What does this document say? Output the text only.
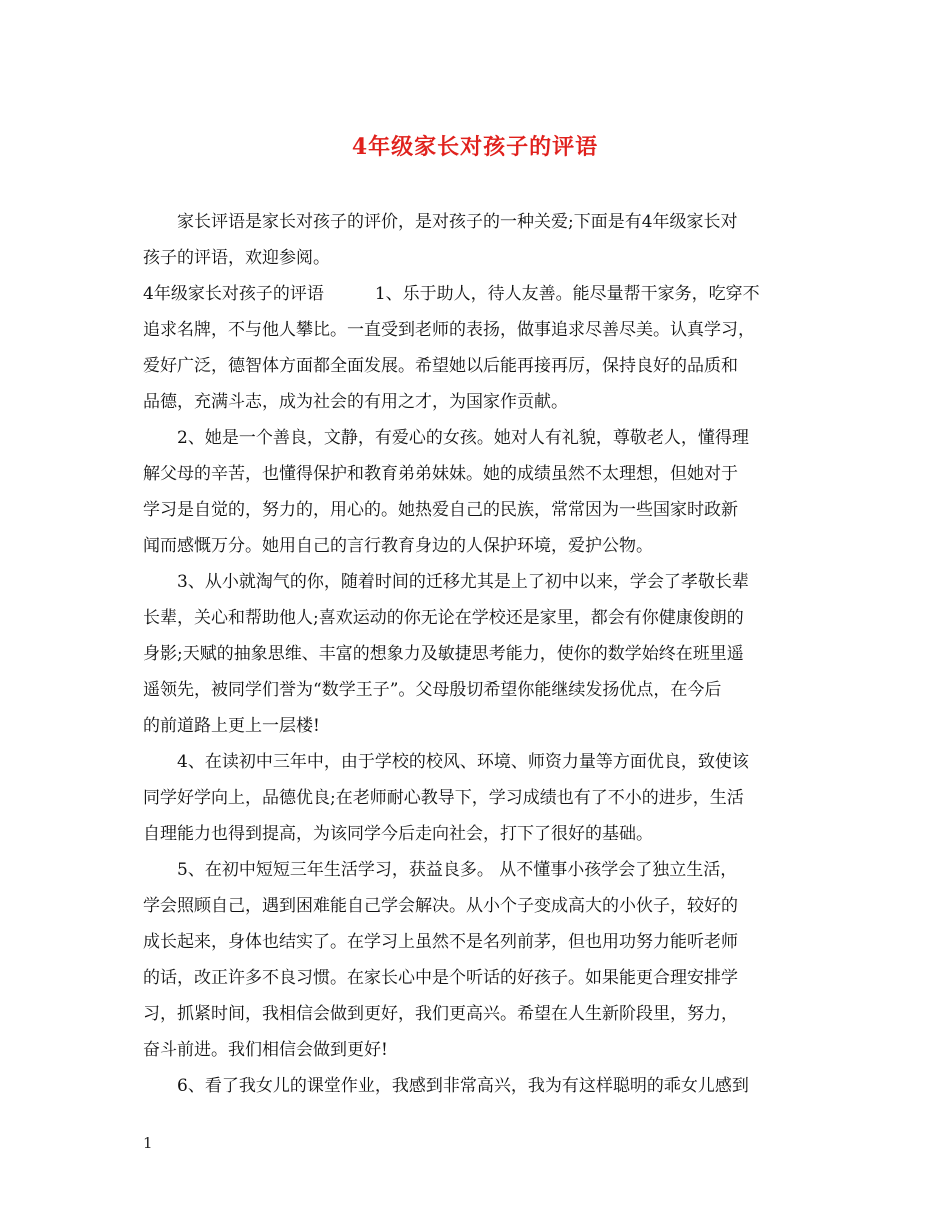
4年级家长对孩子的评语
　　家长评语是家长对孩子的评价，是对孩子的一种关爱;下面是有4年级家长对
孩子的评语，欢迎参阅。
4年级家长对孩子的评语　　　1、乐于助人，待人友善。能尽量帮干家务，吃穿不
追求名牌，不与他人攀比。一直受到老师的表扬，做事追求尽善尽美。认真学习，
爱好广泛，德智体方面都全面发展。希望她以后能再接再厉，保持良好的品质和
品德，充满斗志，成为社会的有用之才，为国家作贡献。
　　2、她是一个善良，文静，有爱心的女孩。她对人有礼貌，尊敬老人，懂得理
解父母的辛苦，也懂得保护和教育弟弟妹妹。她的成绩虽然不太理想，但她对于
学习是自觉的，努力的，用心的。她热爱自己的民族，常常因为一些国家时政新
闻而感慨万分。她用自己的言行教育身边的人保护环境，爱护公物。
　　3、从小就淘气的你，随着时间的迁移尤其是上了初中以来，学会了孝敬长辈
长辈，关心和帮助他人;喜欢运动的你无论在学校还是家里，都会有你健康俊朗的
身影;天赋的抽象思维、丰富的想象力及敏捷思考能力，使你的数学始终在班里遥
遥领先，被同学们誉为“数学王子”。父母殷切希望你能继续发扬优点，在今后
的前道路上更上一层楼!
　　4、在读初中三年中，由于学校的校风、环境、师资力量等方面优良，致使该
同学好学向上，品德优良;在老师耐心教导下，学习成绩也有了不小的进步，生活
自理能力也得到提高，为该同学今后走向社会，打下了很好的基础。
　　5、在初中短短三年生活学习，获益良多。 从不懂事小孩学会了独立生活，
学会照顾自己，遇到困难能自己学会解决。从小个子变成高大的小伙子，较好的
成长起来，身体也结实了。在学习上虽然不是名列前茅，但也用功努力能听老师
的话，改正许多不良习惯。在家长心中是个听话的好孩子。如果能更合理安排学
习，抓紧时间，我相信会做到更好，我们更高兴。希望在人生新阶段里，努力，
奋斗前进。我们相信会做到更好!
　　6、看了我女儿的课堂作业，我感到非常高兴，我为有这样聪明的乖女儿感到
1
